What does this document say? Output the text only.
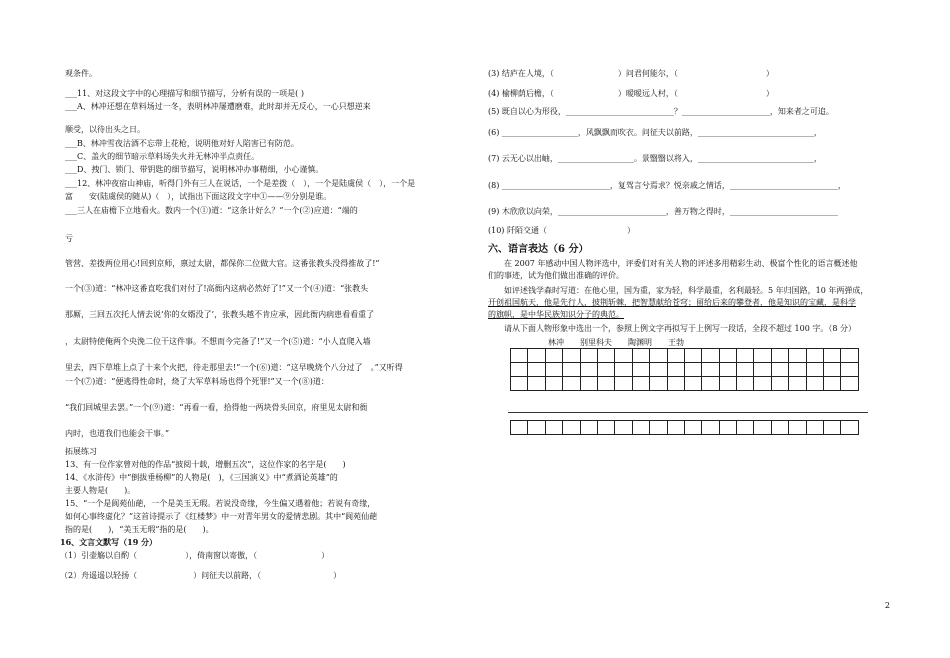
观条件。
___11、对这段文字中的心理描写和细节描写，分析有误的一项是( )
___A、林冲还想在草料场过一冬，表明林冲屡遭磨难，此时却并无反心，一心只想逆来
顺受，以待出头之日。
___B、林冲雪夜沽酒不忘带上花枪，说明他对好人陷害已有防范。
___C、盖火的细节暗示草料场失火并无林冲半点责任。
___D、拽门、锁门、带钥匙的细节描写，说明林冲办事精细，小心谨慎。
___12、林冲夜宿山神庙，听得门外有三人在说话，一个是差拨（　），一个是陆虞侯（　），一个是
富　　安(陆虞侯的随从)（　），试指出下面这段文字中①——⑨分别是谁。
___三人在庙檐下立地看火。数内一个(①)道：“这条计好么？”一个(②)应道：“端的
亏
管营、差拨两位用心!回到京师，禀过太尉，都保你二位做大官。这番张教头没得推故了!”
一个(③)道：“林冲这番直吃我们对付了!高衙内这病必然好了!”又一个(④)道：“张教头
那厮，三回五次托人情去说‘你的女婿没了’，张教头越不肯应承，因此衙内病患看看重了
，太尉特使俺两个央浼二位干这件事。不想而今完备了!”又一个(⑤)道：“小人直爬入墙
里去，四下草堆上点了十来个火把，待走那里去!”一个(⑥)道：“这早晚烧个八分过了　。”又听得
一个(⑦)道：“便逃得性命时，烧了大军草料场也得个死罪!”又一个(⑧)道：
“我们回城里去罢。”一个(⑨)道：“再看一看，拾得他一两块骨头回京，府里见太尉和衙
内时，也道我们也能会干事。”
拓展练习
13、有一位作家曾对他的作品“披阅十载，增删五次”，这位作家的名字是(　　)
14、《水浒传》中“倒拔垂杨柳”的人物是(　)，《三国演义》中“煮酒论英雄”的
主要人物是(　　)。
15、“一个是阆苑仙葩，一个是美玉无瑕。若说没奇缘，今生偏又遇着他；若说有奇缘，
如何心事终虚化？”这首诗提示了《红楼梦》中一对青年男女的爱情悲剧。其中“阆苑仙葩
指的是(　　)，“美玉无瑕”指的是(　　)。
16、文言文默写（19 分）
（1）引壶觞以自酌（　　　　　　），倚南窗以寄傲，（　　　　　　　　）
（2）舟遥遥以轻扬（　　　　　　　）问征夫以前路，（　　　　　　　　　）
(3) 结庐在人境，（　　　　　　　　）问君何能尔，（　　　　　　　　　　　）
(4) 榆柳荫后檐，（　　　　　　　　）暧暧远人村，（　　　　　　　　　　　）
(5) 既自以心为形役，___________________________？______________________，知来者之可追。
(6) ___________________，风飘飘而吹衣。问征夫以前路，_____________________________，
(7) 云无心以出岫，___________________。景翳翳以将入，_____________________________，
(8) ___________________________，复驾言兮焉求？悦亲戚之情话，___________________________，
(9) 木欣欣以向荣，___________________________，善万物之得时，___________________________
(10) 阡陌交通（　　　　　　　　　　）
六、语言表达（6 分）
　　在 2007 年感动中国人物评选中，评委们对有关人物的评述多用精彩生动、极富个性化的语言概述他
们的事迹，试为他们做出准确的评价。
　　如评述钱学森时写道：在他心里，国为重，家为轻，科学最重，名利最轻。5 年归国路，10 年两弹成，
开创祖国航天，他是先行人，披荆斩棘，把智慧献给苍穹；留给后来的攀登者，他是知识的宝藏，是科学
的旗帜，是中华民族知识分子的典范。
　　请从下面人物形象中选出一个，参照上例文字再拟写于上例写一段话，全段不超过 100 字。（8 分）
林冲　　别里科夫　　陶渊明　　王勃

2
